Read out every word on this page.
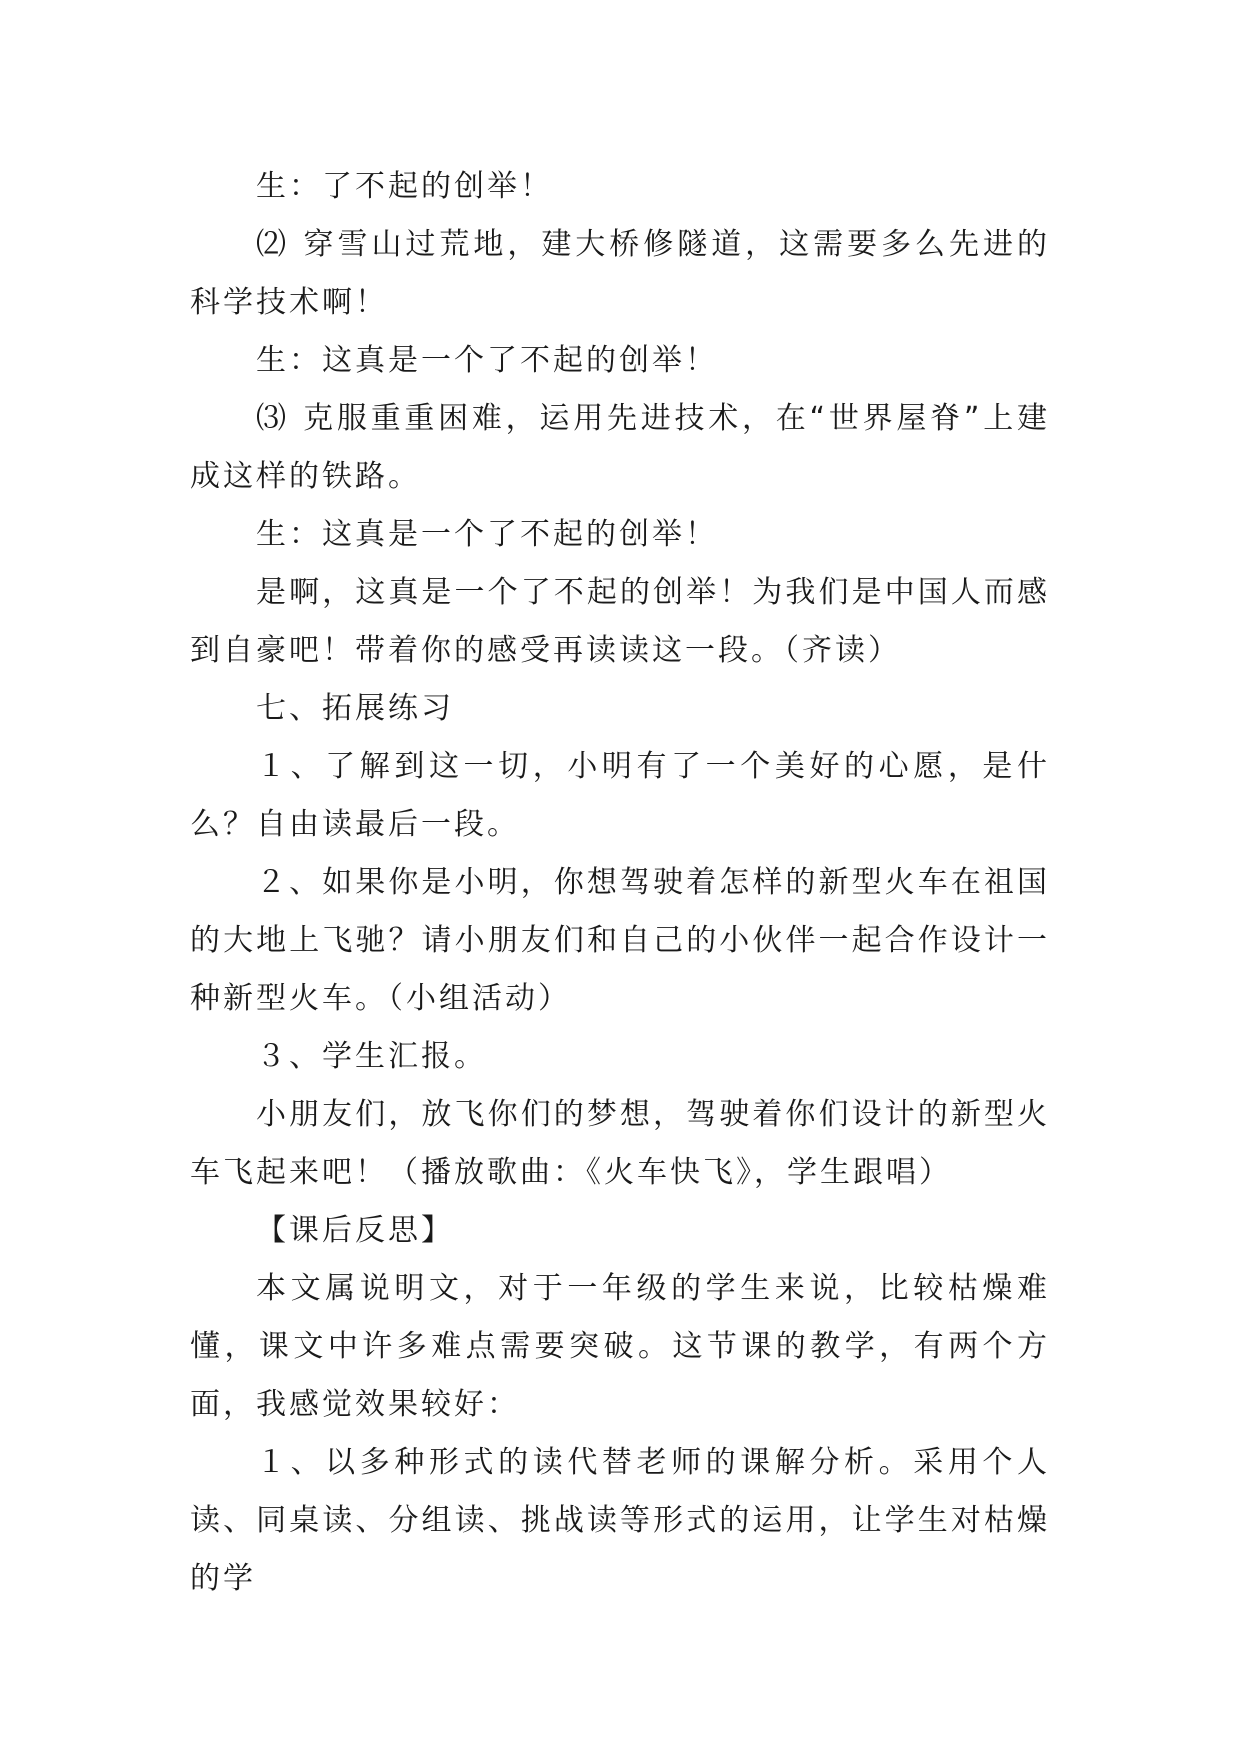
生：了不起的创举！

⑵ 穿雪山过荒地，建大桥修隧道，这需要多么先进的科学技术啊！

生：这真是一个了不起的创举！

⑶ 克服重重困难，运用先进技术，在“世界屋脊”上建成这样的铁路。

生：这真是一个了不起的创举！

是啊，这真是一个了不起的创举！为我们是中国人而感到自豪吧！带着你的感受再读读这一段。（齐读）

七、拓展练习

１、了解到这一切，小明有了一个美好的心愿，是什么？自由读最后一段。

２、如果你是小明，你想驾驶着怎样的新型火车在祖国的大地上飞驰？请小朋友们和自己的小伙伴一起合作设计一种新型火车。（小组活动）

３、学生汇报。

小朋友们，放飞你们的梦想，驾驶着你们设计的新型火车飞起来吧！（播放歌曲：《火车快飞》，学生跟唱）

【课后反思】

本文属说明文，对于一年级的学生来说，比较枯燥难懂，课文中许多难点需要突破。这节课的教学，有两个方面，我感觉效果较好：

１、以多种形式的读代替老师的课解分析。采用个人读、同桌读、分组读、挑战读等形式的运用，让学生对枯燥的学
